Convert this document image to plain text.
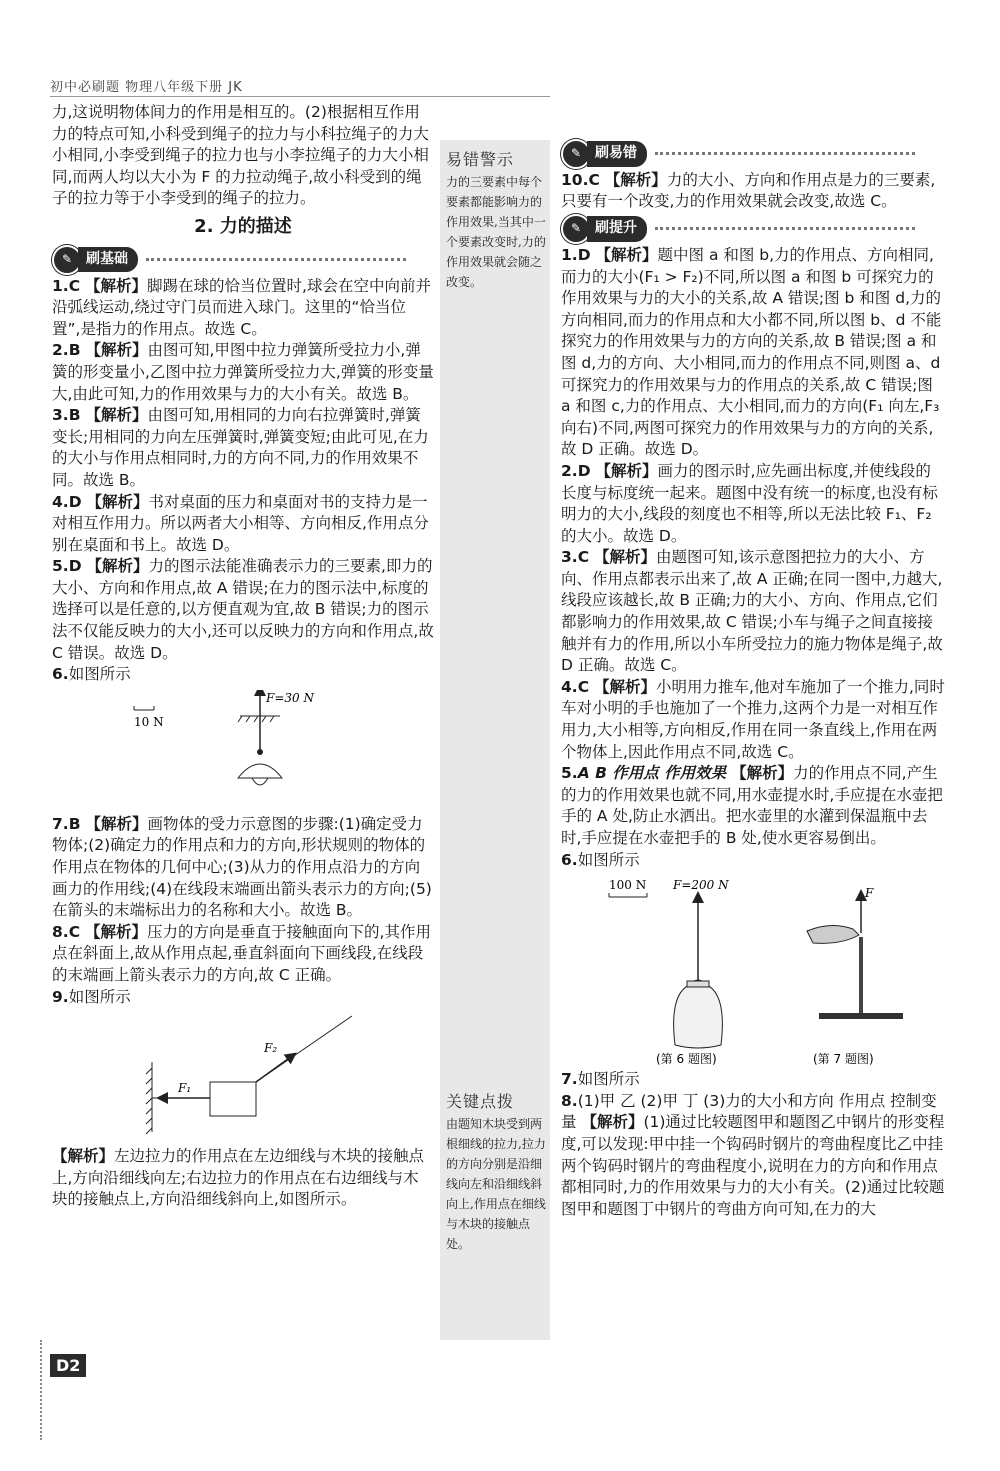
初中必刷题 物理八年级下册 JK
易错警示
力的三要素中每个要素都能影响力的作用效果,当其中一个要素改变时,力的作用效果就会随之改变。
关键点拨
由题知木块受到两根细线的拉力,拉力的方向分别是沿细线向左和沿细线斜向上,作用点在细线与木块的接触点处。

力,这说明物体间力的作用是相互的。(2)根据相互作用力的特点可知,小科受到绳子的拉力与小科拉绳子的力大小相同,小李受到绳子的拉力也与小李拉绳子的力大小相同,而两人均以大小为 F 的力拉动绳子,故小科受到的绳子的拉力等于小李受到的绳子的拉力。

2. 力的描述
✎ 刷基础

1.C 【解析】脚踢在球的恰当位置时,球会在空中向前并沿弧线运动,绕过守门员而进入球门。这里的“恰当位置”,是指力的作用点。故选 C。

2.B 【解析】由图可知,甲图中拉力弹簧所受拉力小,弹簧的形变量小,乙图中拉力弹簧所受拉力大,弹簧的形变量大,由此可知,力的作用效果与力的大小有关。故选 B。

3.B 【解析】由图可知,用相同的力向右拉弹簧时,弹簧变长;用相同的力向左压弹簧时,弹簧变短;由此可见,在力的大小与作用点相同时,力的方向不同,力的作用效果不同。故选 B。

4.D 【解析】书对桌面的压力和桌面对书的支持力是一对相互作用力。所以两者大小相等、方向相反,作用点分别在桌面和书上。故选 D。

5.D 【解析】力的图示法能准确表示力的三要素,即力的大小、方向和作用点,故 A 错误;在力的图示法中,标度的选择可以是任意的,以方便直观为宜,故 B 错误;力的图示法不仅能反映力的大小,还可以反映力的方向和作用点,故 C 错误。故选 D。

6.如图所示

10 N
F=30 N

7.B 【解析】画物体的受力示意图的步骤:(1)确定受力物体;(2)确定力的作用点和力的方向,形状规则的物体的作用点在物体的几何中心;(3)从力的作用点沿力的方向画力的作用线;(4)在线段末端画出箭头表示力的方向;(5)在箭头的末端标出力的名称和大小。故选 B。

8.C 【解析】压力的方向是垂直于接触面向下的,其作用点在斜面上,故从作用点起,垂直斜面向下画线段,在线段的末端画上箭头表示力的方向,故 C 正确。

9.如图所示

F₁
F₂

【解析】左边拉力的作用点在左边细线与木块的接触点上,方向沿细线向左;右边拉力的作用点在右边细线与木块的接触点上,方向沿细线斜向上,如图所示。

✎ 刷易错

10.C 【解析】力的大小、方向和作用点是力的三要素,只要有一个改变,力的作用效果就会改变,故选 C。

✎ 刷提升

1.D 【解析】题中图 a 和图 b,力的作用点、方向相同,而力的大小(F₁ > F₂)不同,所以图 a 和图 b 可探究力的作用效果与力的大小的关系,故 A 错误;图 b 和图 d,力的方向相同,而力的作用点和大小都不同,所以图 b、d 不能探究力的作用效果与力的方向的关系,故 B 错误;图 a 和图 d,力的方向、大小相同,而力的作用点不同,则图 a、d 可探究力的作用效果与力的作用点的关系,故 C 错误;图 a 和图 c,力的作用点、大小相同,而力的方向(F₁ 向左,F₃ 向右)不同,两图可探究力的作用效果与力的方向的关系,故 D 正确。故选 D。

2.D 【解析】画力的图示时,应先画出标度,并使线段的长度与标度统一起来。题图中没有统一的标度,也没有标明力的大小,线段的刻度也不相等,所以无法比较 F₁、F₂ 的大小。故选 D。

3.C 【解析】由题图可知,该示意图把拉力的大小、方向、作用点都表示出来了,故 A 正确;在同一图中,力越大,线段应该越长,故 B 正确;力的大小、方向、作用点,它们都影响力的作用效果,故 C 错误;小车与绳子之间直接接触并有力的作用,所以小车所受拉力的施力物体是绳子,故 D 正确。故选 C。

4.C 【解析】小明用力推车,他对车施加了一个推力,同时车对小明的手也施加了一个推力,这两个力是一对相互作用力,大小相等,方向相反,作用在同一条直线上,作用在两个物体上,因此作用点不同,故选 C。

5.A B 作用点 作用效果 【解析】力的作用点不同,产生的力的作用效果也就不同,用水壶提水时,手应提在水壶把手的 A 处,防止水洒出。把水壶里的水灌到保温瓶中去时,手应提在水壶把手的 B 处,使水更容易倒出。

6.如图所示

100 N F=200 N
(第 6 题图)
F
(第 7 题图)

7.如图所示

8.(1)甲 乙 (2)甲 丁 (3)力的大小和方向 作用点 控制变量 【解析】(1)通过比较题图甲和题图乙中钢片的形变程度,可以发现:甲中挂一个钩码时钢片的弯曲程度比乙中挂两个钩码时钢片的弯曲程度小,说明在力的方向和作用点都相同时,力的作用效果与力的大小有关。(2)通过比较题图甲和题图丁中钢片的弯曲方向可知,在力的大

D2
